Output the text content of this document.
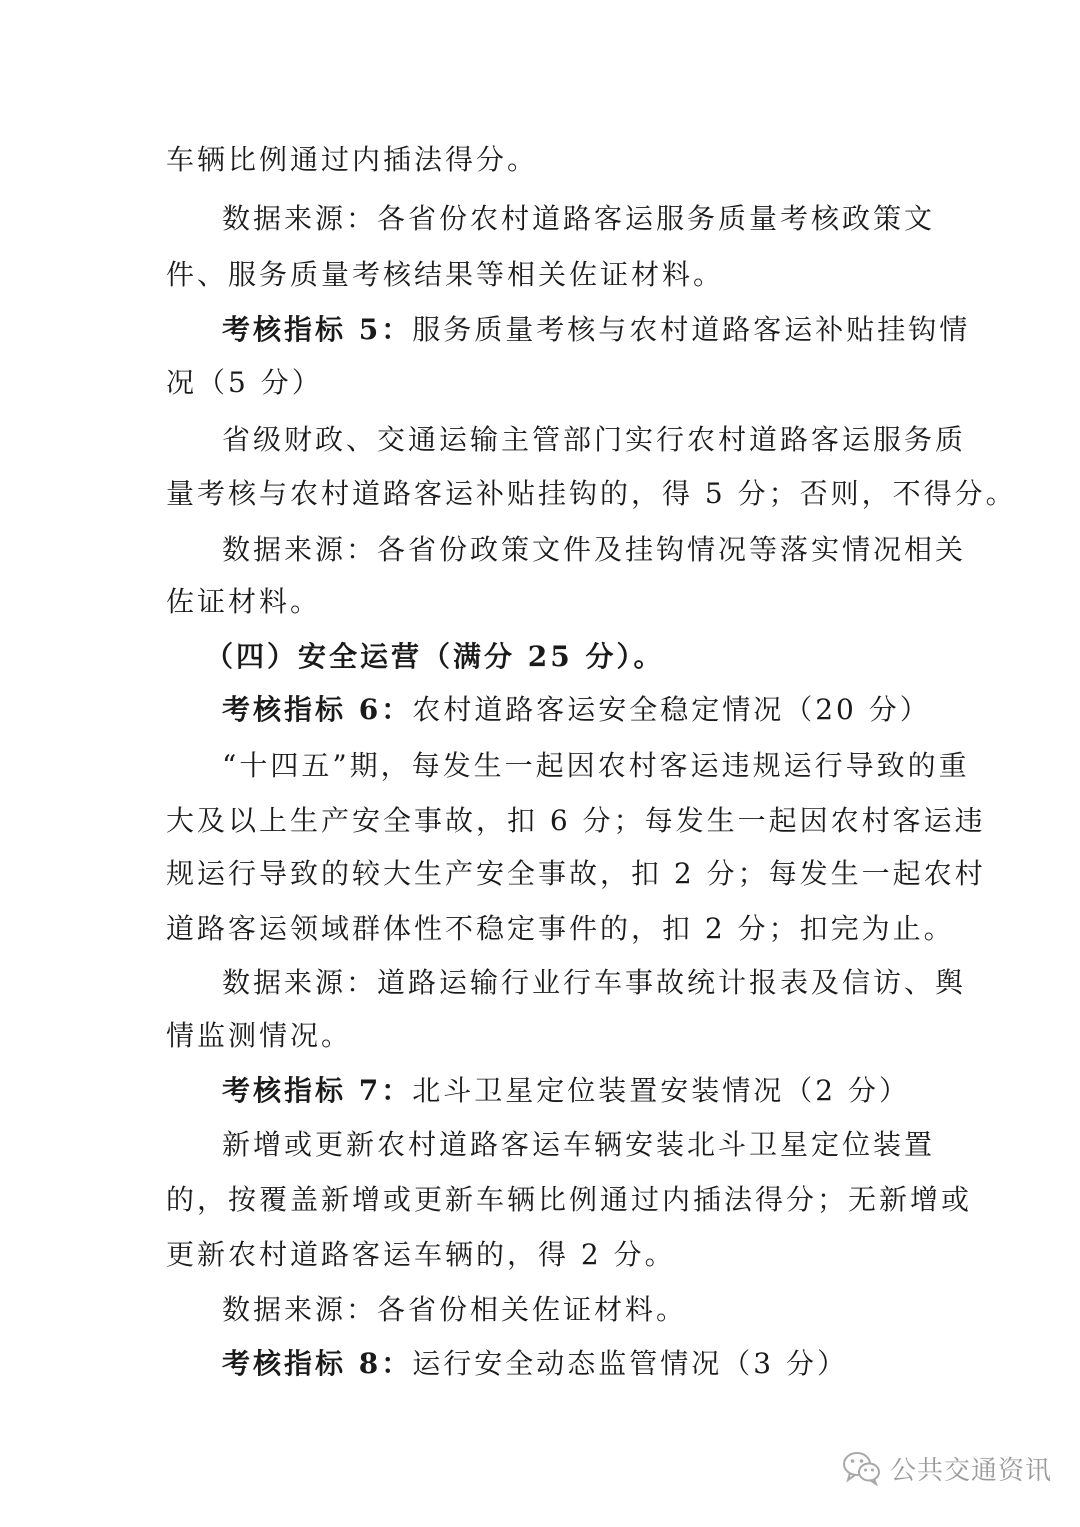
车辆比例通过内插法得分。
数据来源：各省份农村道路客运服务质量考核政策文
件、服务质量考核结果等相关佐证材料。
考核指标 5：服务质量考核与农村道路客运补贴挂钩情
况（5 分）
省级财政、交通运输主管部门实行农村道路客运服务质
量考核与农村道路客运补贴挂钩的，得 5 分；否则，不得分。
数据来源：各省份政策文件及挂钩情况等落实情况相关
佐证材料。
（四）安全运营（满分 25 分）。
考核指标 6：农村道路客运安全稳定情况（20 分）
“十四五”期，每发生一起因农村客运违规运行导致的重
大及以上生产安全事故，扣 6 分；每发生一起因农村客运违
规运行导致的较大生产安全事故，扣 2 分；每发生一起农村
道路客运领域群体性不稳定事件的，扣 2 分；扣完为止。
数据来源：道路运输行业行车事故统计报表及信访、舆
情监测情况。
考核指标 7：北斗卫星定位装置安装情况（2 分）
新增或更新农村道路客运车辆安装北斗卫星定位装置
的，按覆盖新增或更新车辆比例通过内插法得分；无新增或
更新农村道路客运车辆的，得 2 分。
数据来源：各省份相关佐证材料。
考核指标 8：运行安全动态监管情况（3 分）
公共交通资讯
